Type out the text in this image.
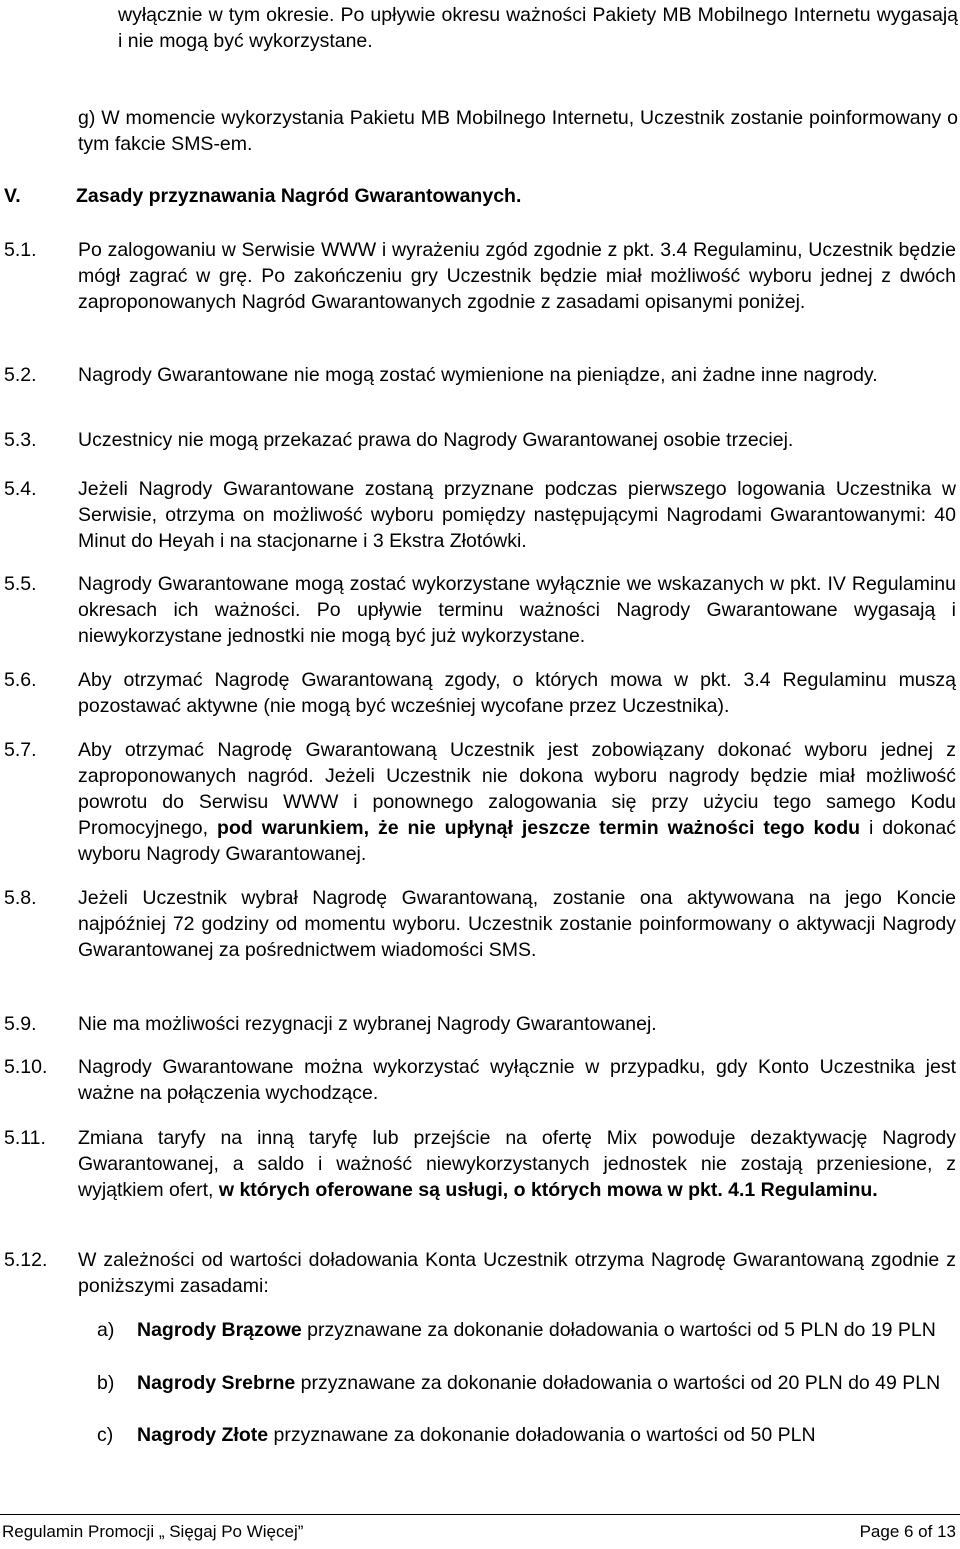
wyłącznie w tym okresie. Po upływie okresu ważności Pakiety MB Mobilnego Internetu wygasają i nie mogą być wykorzystane.
g) W momencie wykorzystania Pakietu MB Mobilnego Internetu, Uczestnik zostanie poinformowany o tym fakcie SMS-em.
V.	Zasady przyznawania Nagród Gwarantowanych.
5.1.	Po zalogowaniu w Serwisie WWW i wyrażeniu zgód zgodnie z pkt. 3.4 Regulaminu, Uczestnik będzie mógł zagrać w grę. Po zakończeniu gry Uczestnik będzie miał możliwość wyboru jednej z dwóch zaproponowanych Nagród Gwarantowanych zgodnie z zasadami opisanymi poniżej.
5.2.	Nagrody Gwarantowane nie mogą zostać wymienione na pieniądze, ani żadne inne nagrody.
5.3.	Uczestnicy nie mogą przekazać prawa do Nagrody Gwarantowanej osobie trzeciej.
5.4.	Jeżeli Nagrody Gwarantowane zostaną przyznane podczas pierwszego logowania Uczestnika w Serwisie, otrzyma on możliwość wyboru pomiędzy następującymi Nagrodami Gwarantowanymi: 40 Minut do Heyah i na stacjonarne i 3 Ekstra Złotówki.
5.5.	Nagrody Gwarantowane mogą zostać wykorzystane wyłącznie we wskazanych w pkt. IV Regulaminu okresach ich ważności. Po upływie terminu ważności Nagrody Gwarantowane wygasają i niewykorzystane jednostki nie mogą być już wykorzystane.
5.6.	Aby otrzymać Nagrodę Gwarantowaną zgody, o których mowa w pkt. 3.4 Regulaminu muszą pozostawać aktywne (nie mogą być wcześniej wycofane przez Uczestnika).
5.7.	Aby otrzymać Nagrodę Gwarantowaną Uczestnik jest zobowiązany dokonać wyboru jednej z zaproponowanych nagród. Jeżeli Uczestnik nie dokona wyboru nagrody będzie miał możliwość powrotu do Serwisu WWW i ponownego zalogowania się przy użyciu tego samego Kodu Promocyjnego, pod warunkiem, że nie upłynął jeszcze termin ważności tego kodu i dokonać wyboru Nagrody Gwarantowanej.
5.8.	Jeżeli Uczestnik wybrał Nagrodę Gwarantowaną, zostanie ona aktywowana na jego Koncie najpóźniej 72 godziny od momentu wyboru. Uczestnik zostanie poinformowany o aktywacji Nagrody Gwarantowanej za pośrednictwem wiadomości SMS.
5.9.	Nie ma możliwości rezygnacji z wybranej Nagrody Gwarantowanej.
5.10.	Nagrody Gwarantowane można wykorzystać wyłącznie w przypadku, gdy Konto Uczestnika jest ważne na połączenia wychodzące.
5.11.	Zmiana taryfy na inną taryfę lub przejście na ofertę Mix powoduje dezaktywację Nagrody Gwarantowanej, a saldo i ważność niewykorzystanych jednostek nie zostają przeniesione, z wyjątkiem ofert, w których oferowane są usługi, o których mowa w pkt. 4.1 Regulaminu.
5.12.	W zależności od wartości doładowania Konta Uczestnik otrzyma Nagrodę Gwarantowaną zgodnie z poniższymi zasadami:
a)	Nagrody Brązowe przyznawane za dokonanie doładowania o wartości od 5 PLN do 19 PLN
b)	Nagrody Srebrne przyznawane za dokonanie doładowania o wartości od 20 PLN do 49 PLN
c)	Nagrody Złote przyznawane za dokonanie doładowania o wartości od 50 PLN
Regulamin Promocji „ Sięgaj Po Więcej”	Page 6 of 13
